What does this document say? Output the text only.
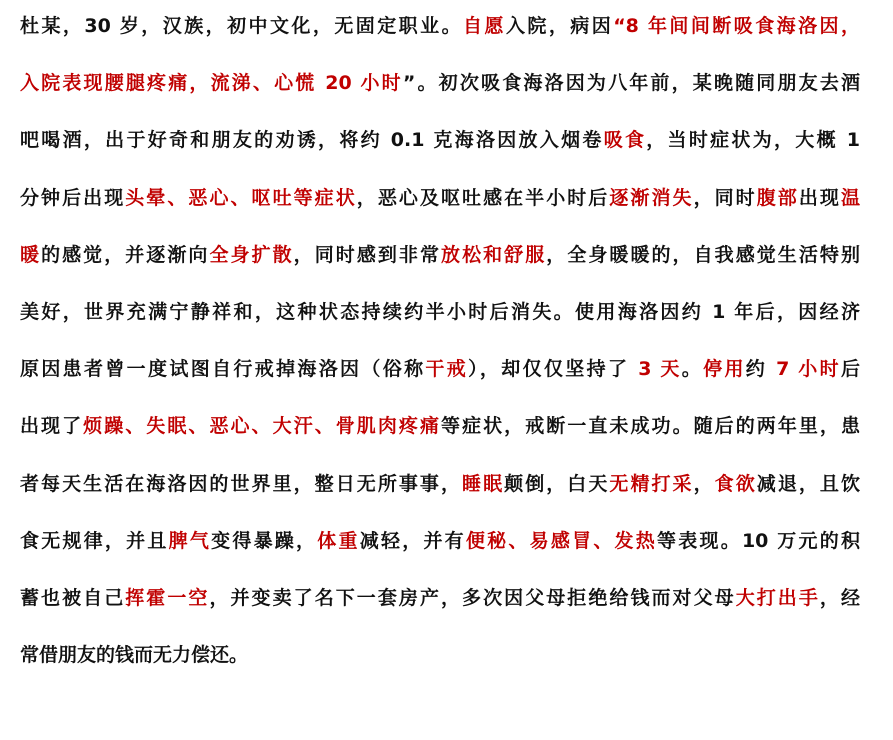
杜某，30 岁，汉族，初中文化，无固定职业。自愿入院，病因“8 年间间断吸食海洛因，
入院表现腰腿疼痛，流涕、心慌 20 小时”。初次吸食海洛因为八年前，某晚随同朋友去酒
吧喝酒，出于好奇和朋友的劝诱，将约 0.1 克海洛因放入烟卷吸食，当时症状为，大概 1
分钟后出现头晕、恶心、呕吐等症状，恶心及呕吐感在半小时后逐渐消失，同时腹部出现温
暖的感觉，并逐渐向全身扩散，同时感到非常放松和舒服，全身暖暖的，自我感觉生活特别
美好，世界充满宁静祥和，这种状态持续约半小时后消失。使用海洛因约 1 年后，因经济
原因患者曾一度试图自行戒掉海洛因（俗称干戒），却仅仅坚持了 3 天。停用约 7 小时后
出现了烦躁、失眠、恶心、大汗、骨肌肉疼痛等症状，戒断一直未成功。随后的两年里，患
者每天生活在海洛因的世界里，整日无所事事，睡眠颠倒，白天无精打采，食欲减退，且饮
食无规律，并且脾气变得暴躁，体重减轻，并有便秘、易感冒、发热等表现。10 万元的积
蓄也被自己挥霍一空，并变卖了名下一套房产，多次因父母拒绝给钱而对父母大打出手，经
常借朋友的钱而无力偿还。
